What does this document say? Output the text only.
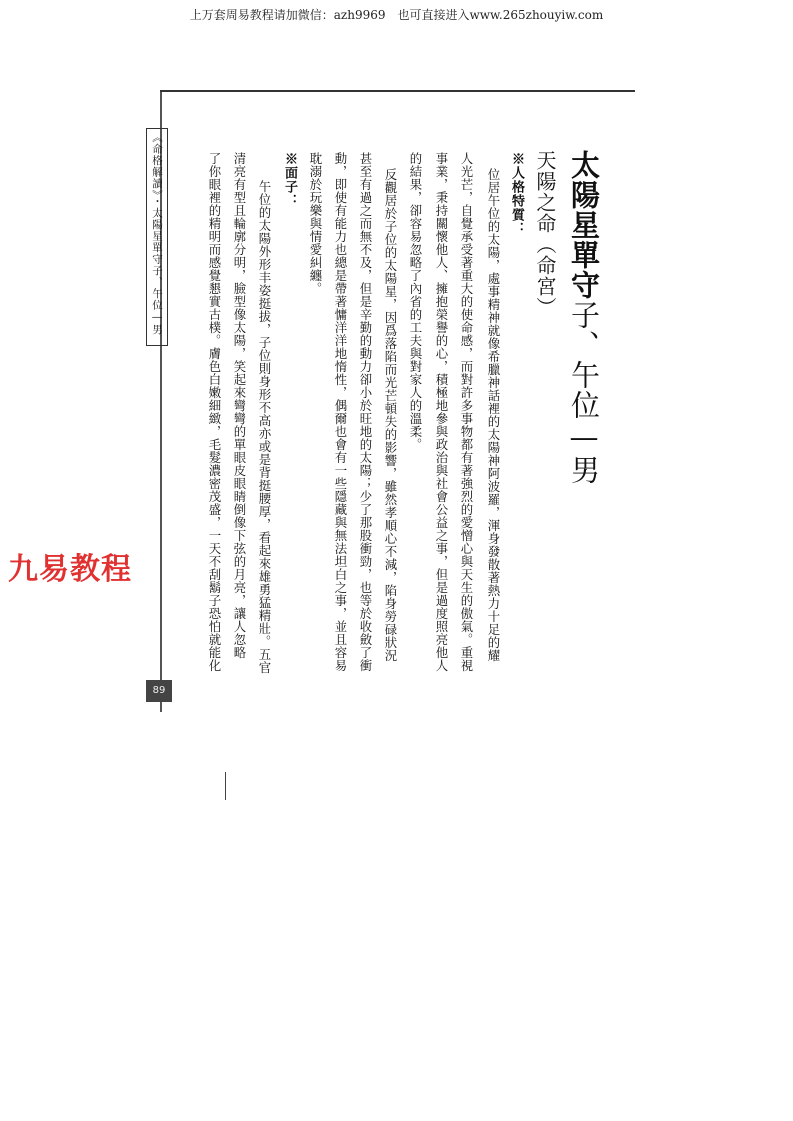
上万套周易教程请加微信：azh9969　也可直接进入www.265zhouyiw.com
《命格解讀》・太陽星單守子、午位—男
89
九易教程
太陽星單守子、午位—男
天陽之命（命宮）
※人格特質：
位居午位的太陽，處事精神就像希臘神話裡的太陽神阿波羅，渾身發散著熱力十足的耀
人光芒，自覺承受著重大的使命感，而對許多事物都有著強烈的愛憎心與天生的傲氣。重視
事業，秉持關懷他人、擁抱榮譽的心，積極地參與政治與社會公益之事，但是過度照亮他人
的結果，卻容易忽略了內省的工夫與對家人的溫柔。
反觀居於子位的太陽星，因爲落陷而光芒頓失的影響，雖然孝順心不減，陷身勞碌狀況
甚至有過之而無不及，但是辛勤的動力卻小於旺地的太陽；少了那股衝勁，也等於收斂了衝
動，即使有能力也總是帶著慵洋洋地惰性，偶爾也會有一些隱藏與無法坦白之事，並且容易
耽溺於玩樂與情愛糾纏。
※面子：
午位的太陽外形丰姿挺拔，子位則身形不高亦或是背挺腰厚，看起來雄勇猛精壯。五官
清亮有型且輪廓分明，臉型像太陽，笑起來彎彎的單眼皮眼睛倒像下弦的月亮，讓人忽略
了你眼裡的精明而感覺懇實古樸。膚色白嫩細緻，毛髮濃密茂盛，一天不刮鬍子恐怕就能化
